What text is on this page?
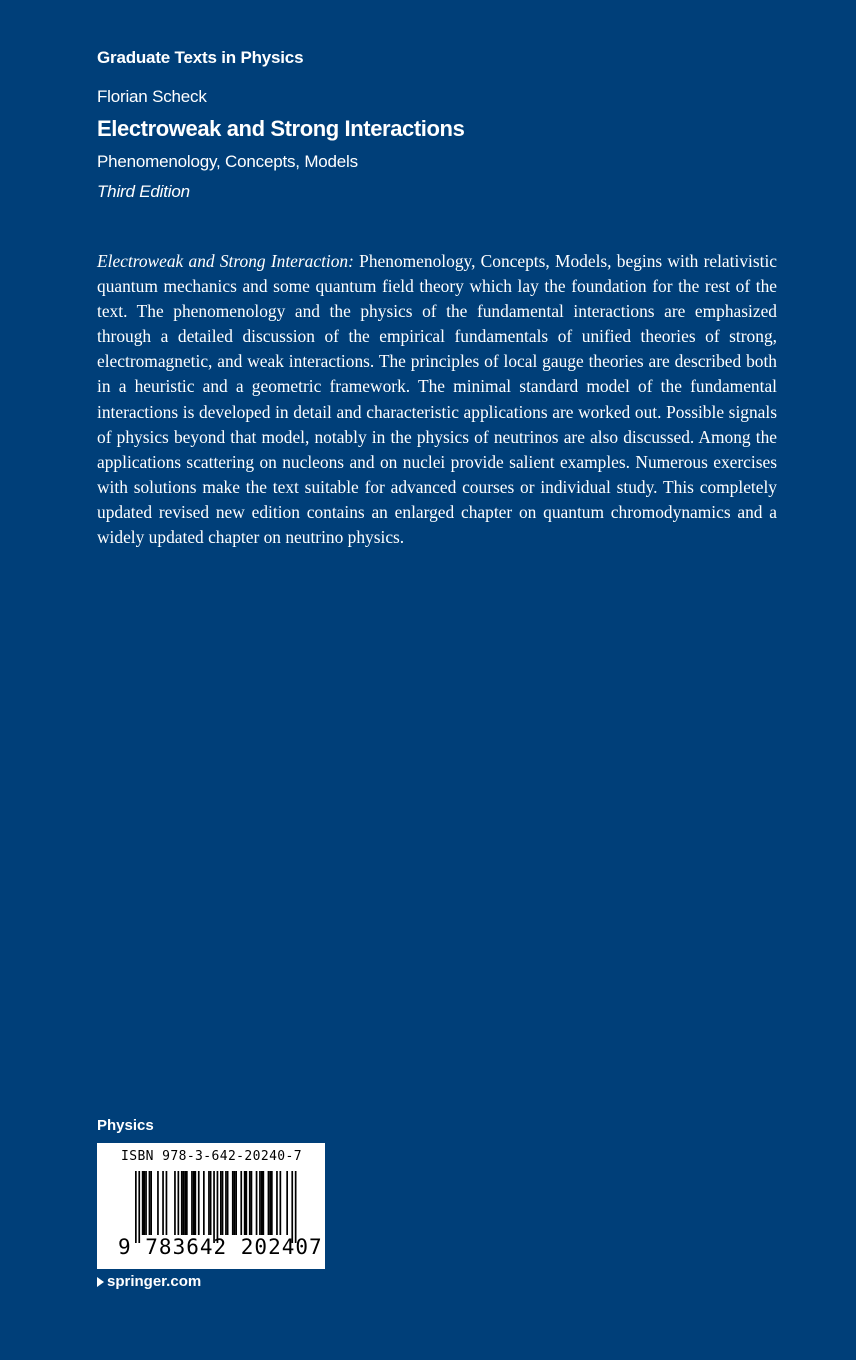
Graduate Texts in Physics
Florian Scheck
Electroweak and Strong Interactions
Phenomenology, Concepts, Models
Third Edition

Electroweak and Strong Interaction: Phenomenology, Concepts, Models, begins with relativistic quantum mechanics and some quantum field theory which lay the foundation for the rest of the text. The phenomenology and the physics of the fundamental interactions are emphasized through a detailed discussion of the empirical fundamentals of unified theories of strong, electromagnetic, and weak interactions. The principles of local gauge theories are described both in a heuristic and a geometric framework. The minimal standard model of the fundamental interactions is developed in detail and characteristic applications are worked out. Possible signals of physics beyond that model, notably in the physics of neutrinos are also discussed. Among the applications scattering on nucleons and on nuclei provide salient examples. Numerous exercises with solutions make the text suitable for advanced courses or individual study. This completely updated revised new edition contains an enlarged chapter on quantum chromodynamics and a widely updated chapter on neutrino physics.

Physics
ISBN 978-3-642-20240-7
9 783642 202407
springer.com
